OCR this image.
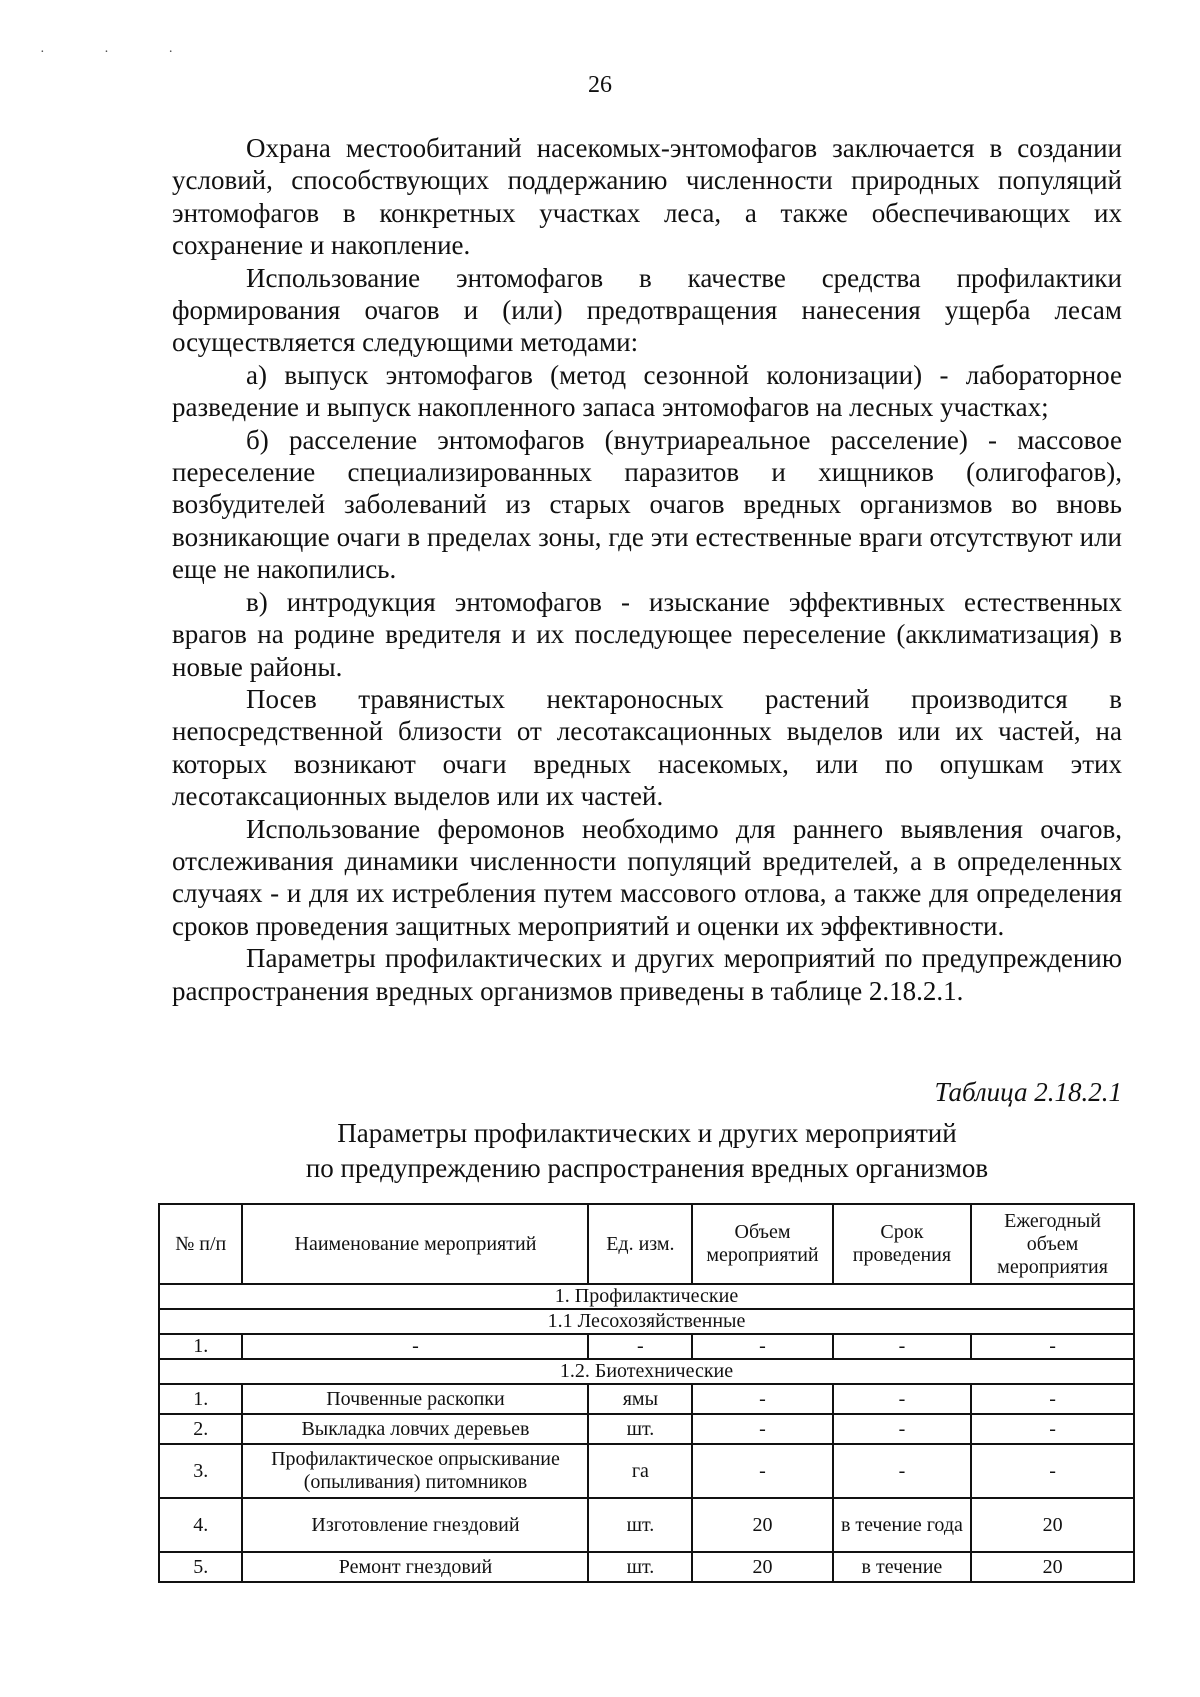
· · ·
26

Охрана местообитаний насекомых-энтомофагов заключается в создании условий, способствующих поддержанию численности природных популяций энтомофагов в конкретных участках леса, а также обеспечивающих их сохранение и накопление.

Использование энтомофагов в качестве средства профилактики формирования очагов и (или) предотвращения нанесения ущерба лесам осуществляется следующими методами:

а) выпуск энтомофагов (метод сезонной колонизации) - лабораторное разведение и выпуск накопленного запаса энтомофагов на лесных участках;

б) расселение энтомофагов (внутриареальное расселение) - массовое переселение специализированных паразитов и хищников (олигофагов), возбудителей заболеваний из старых очагов вредных организмов во вновь возникающие очаги в пределах зоны, где эти естественные враги отсутствуют или еще не накопились.

в) интродукция энтомофагов - изыскание эффективных естественных врагов на родине вредителя и их последующее переселение (акклиматизация) в новые районы.

Посев травянистых нектароносных растений производится в непосредственной близости от лесотаксационных выделов или их частей, на которых возникают очаги вредных насекомых, или по опушкам этих лесотаксационных выделов или их частей.

Использование феромонов необходимо для раннего выявления очагов, отслеживания динамики численности популяций вредителей, а в определенных случаях - и для их истребления путем массового отлова, а также для определения сроков проведения защитных мероприятий и оценки их эффективности.

Параметры профилактических и других мероприятий по предупреждению распространения вредных организмов приведены в таблице 2.18.2.1.

Таблица 2.18.2.1
Параметры профилактических и других мероприятий
по предупреждению распространения вредных организмов
№ п/п	Наименование мероприятий	Ед. изм.	Объем мероприятий	Срок проведения	Ежегодный объем мероприятия
1. Профилактические					
1.1 Лесохозяйственные					
1.	-	-	-	-	-
1.2. Биотехнические					
1.	Почвенные раскопки	ямы	-	-	-
2.	Выкладка ловчих деревьев	шт.	-	-	-
3.	Профилактическое опрыскивание (опыливания) питомников	га	-	-	-
4.	Изготовление гнездовий	шт.	20	в течение года	20
5.	Ремонт гнездовий	шт.	20	в течение	20
